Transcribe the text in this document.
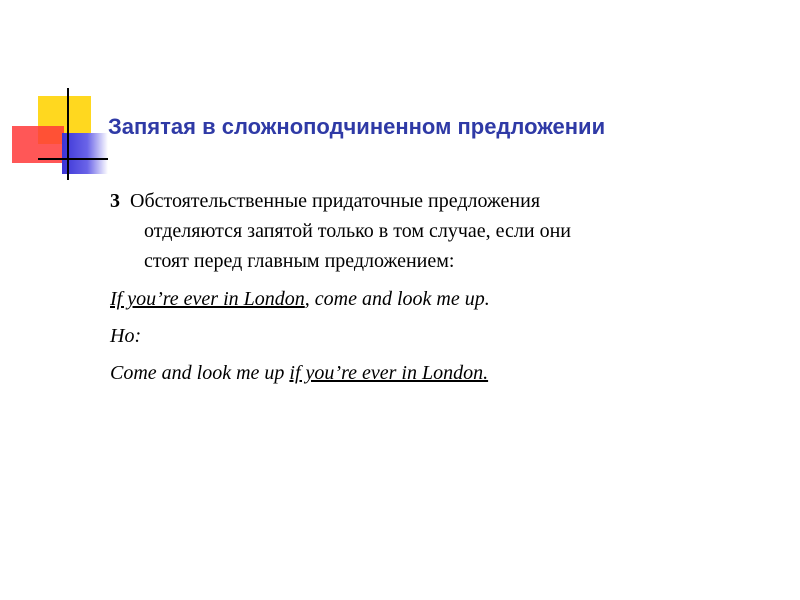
Запятая в сложноподчиненном предложении
3 Обстоятельственные придаточные предложения
отделяются запятой только в том случае, если они
стоят перед главным предложением:
If you’re ever in London, come and look me up.
Но:
Come and look me up if you’re ever in London.
